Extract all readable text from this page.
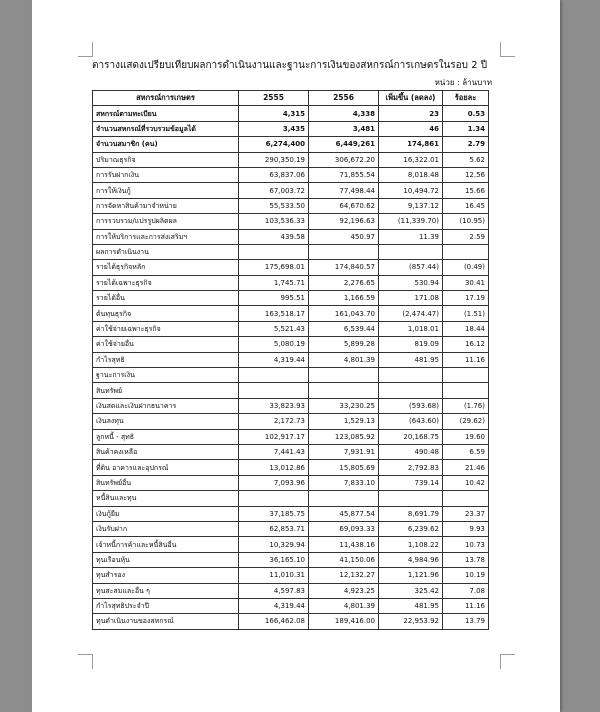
ตารางแสดงเปรียบเทียบผลการดำเนินงานและฐานะการเงินของสหกรณ์การเกษตรในรอบ 2 ปี
หน่วย : ล้านบาท
สหกรณ์การเกษตร	2555	2556	เพิ่มขึ้น (ลดลง)	ร้อยละ
สหกรณ์ตามทะเบียน	4,315	4,338	23	0.53
จำนวนสหกรณ์ที่รวบรวมข้อมูลได้	3,435	3,481	46	1.34
จำนวนสมาชิก (คน)	6,274,400	6,449,261	174,861	2.79
ปริมาณธุรกิจ	290,350.19	306,672.20	16,322.01	5.62
การรับฝากเงิน	63,837.06	71,855.54	8,018.48	12.56
การให้เงินกู้	67,003.72	77,498.44	10,494.72	15.66
การจัดหาสินค้ามาจำหน่าย	55,533.50	64,670.62	9,137.12	16.45
การรวบรวม/แปรรูปผลิตผล	103,536.33	92,196.63	(11,339.70)	(10.95)
การให้บริการและการส่งเสริมฯ	439.58	450.97	11.39	2.59
ผลการดำเนินงาน				
รายได้ธุรกิจหลัก	175,698.01	174,840.57	(857.44)	(0.49)
รายได้เฉพาะธุรกิจ	1,745.71	2,276.65	530.94	30.41
รายได้อื่น	995.51	1,166.59	171.08	17.19
ต้นทุนธุรกิจ	163,518.17	161,043.70	(2,474.47)	(1.51)
ค่าใช้จ่ายเฉพาะธุรกิจ	5,521.43	6,539.44	1,018.01	18.44
ค่าใช้จ่ายอื่น	5,080.19	5,899.28	819.09	16.12
กำไรสุทธิ	4,319.44	4,801.39	481.95	11.16
ฐานะการเงิน				
สินทรัพย์				
เงินสดและเงินฝากธนาคาร	33,823.93	33,230.25	(593.68)	(1.76)
เงินลงทุน	2,172.73	1,529.13	(643.60)	(29.62)
ลูกหนี้ - สุทธิ	102,917.17	123,085.92	20,168.75	19.60
สินค้าคงเหลือ	7,441.43	7,931.91	490.48	6.59
ที่ดิน อาคารและอุปกรณ์	13,012.86	15,805.69	2,792.83	21.46
สินทรัพย์อื่น	7,093.96	7,833.10	739.14	10.42
หนี้สินและทุน				
เงินกู้ยืม	37,185.75	45,877.54	8,691.79	23.37
เงินรับฝาก	62,853.71	69,093.33	6,239.62	9.93
เจ้าหนี้การค้าและหนี้สินอื่น	10,329.94	11,438.16	1,108.22	10.73
ทุนเรือนหุ้น	36,165.10	41,150.06	4,984.96	13.78
ทุนสำรอง	11,010.31	12,132.27	1,121.96	10.19
ทุนสะสมและอื่น ๆ	4,597.83	4,923.25	325.42	7.08
กำไรสุทธิประจำปี	4,319.44	4,801.39	481.95	11.16
ทุนดำเนินงานของสหกรณ์	166,462.08	189,416.00	22,953.92	13.79
